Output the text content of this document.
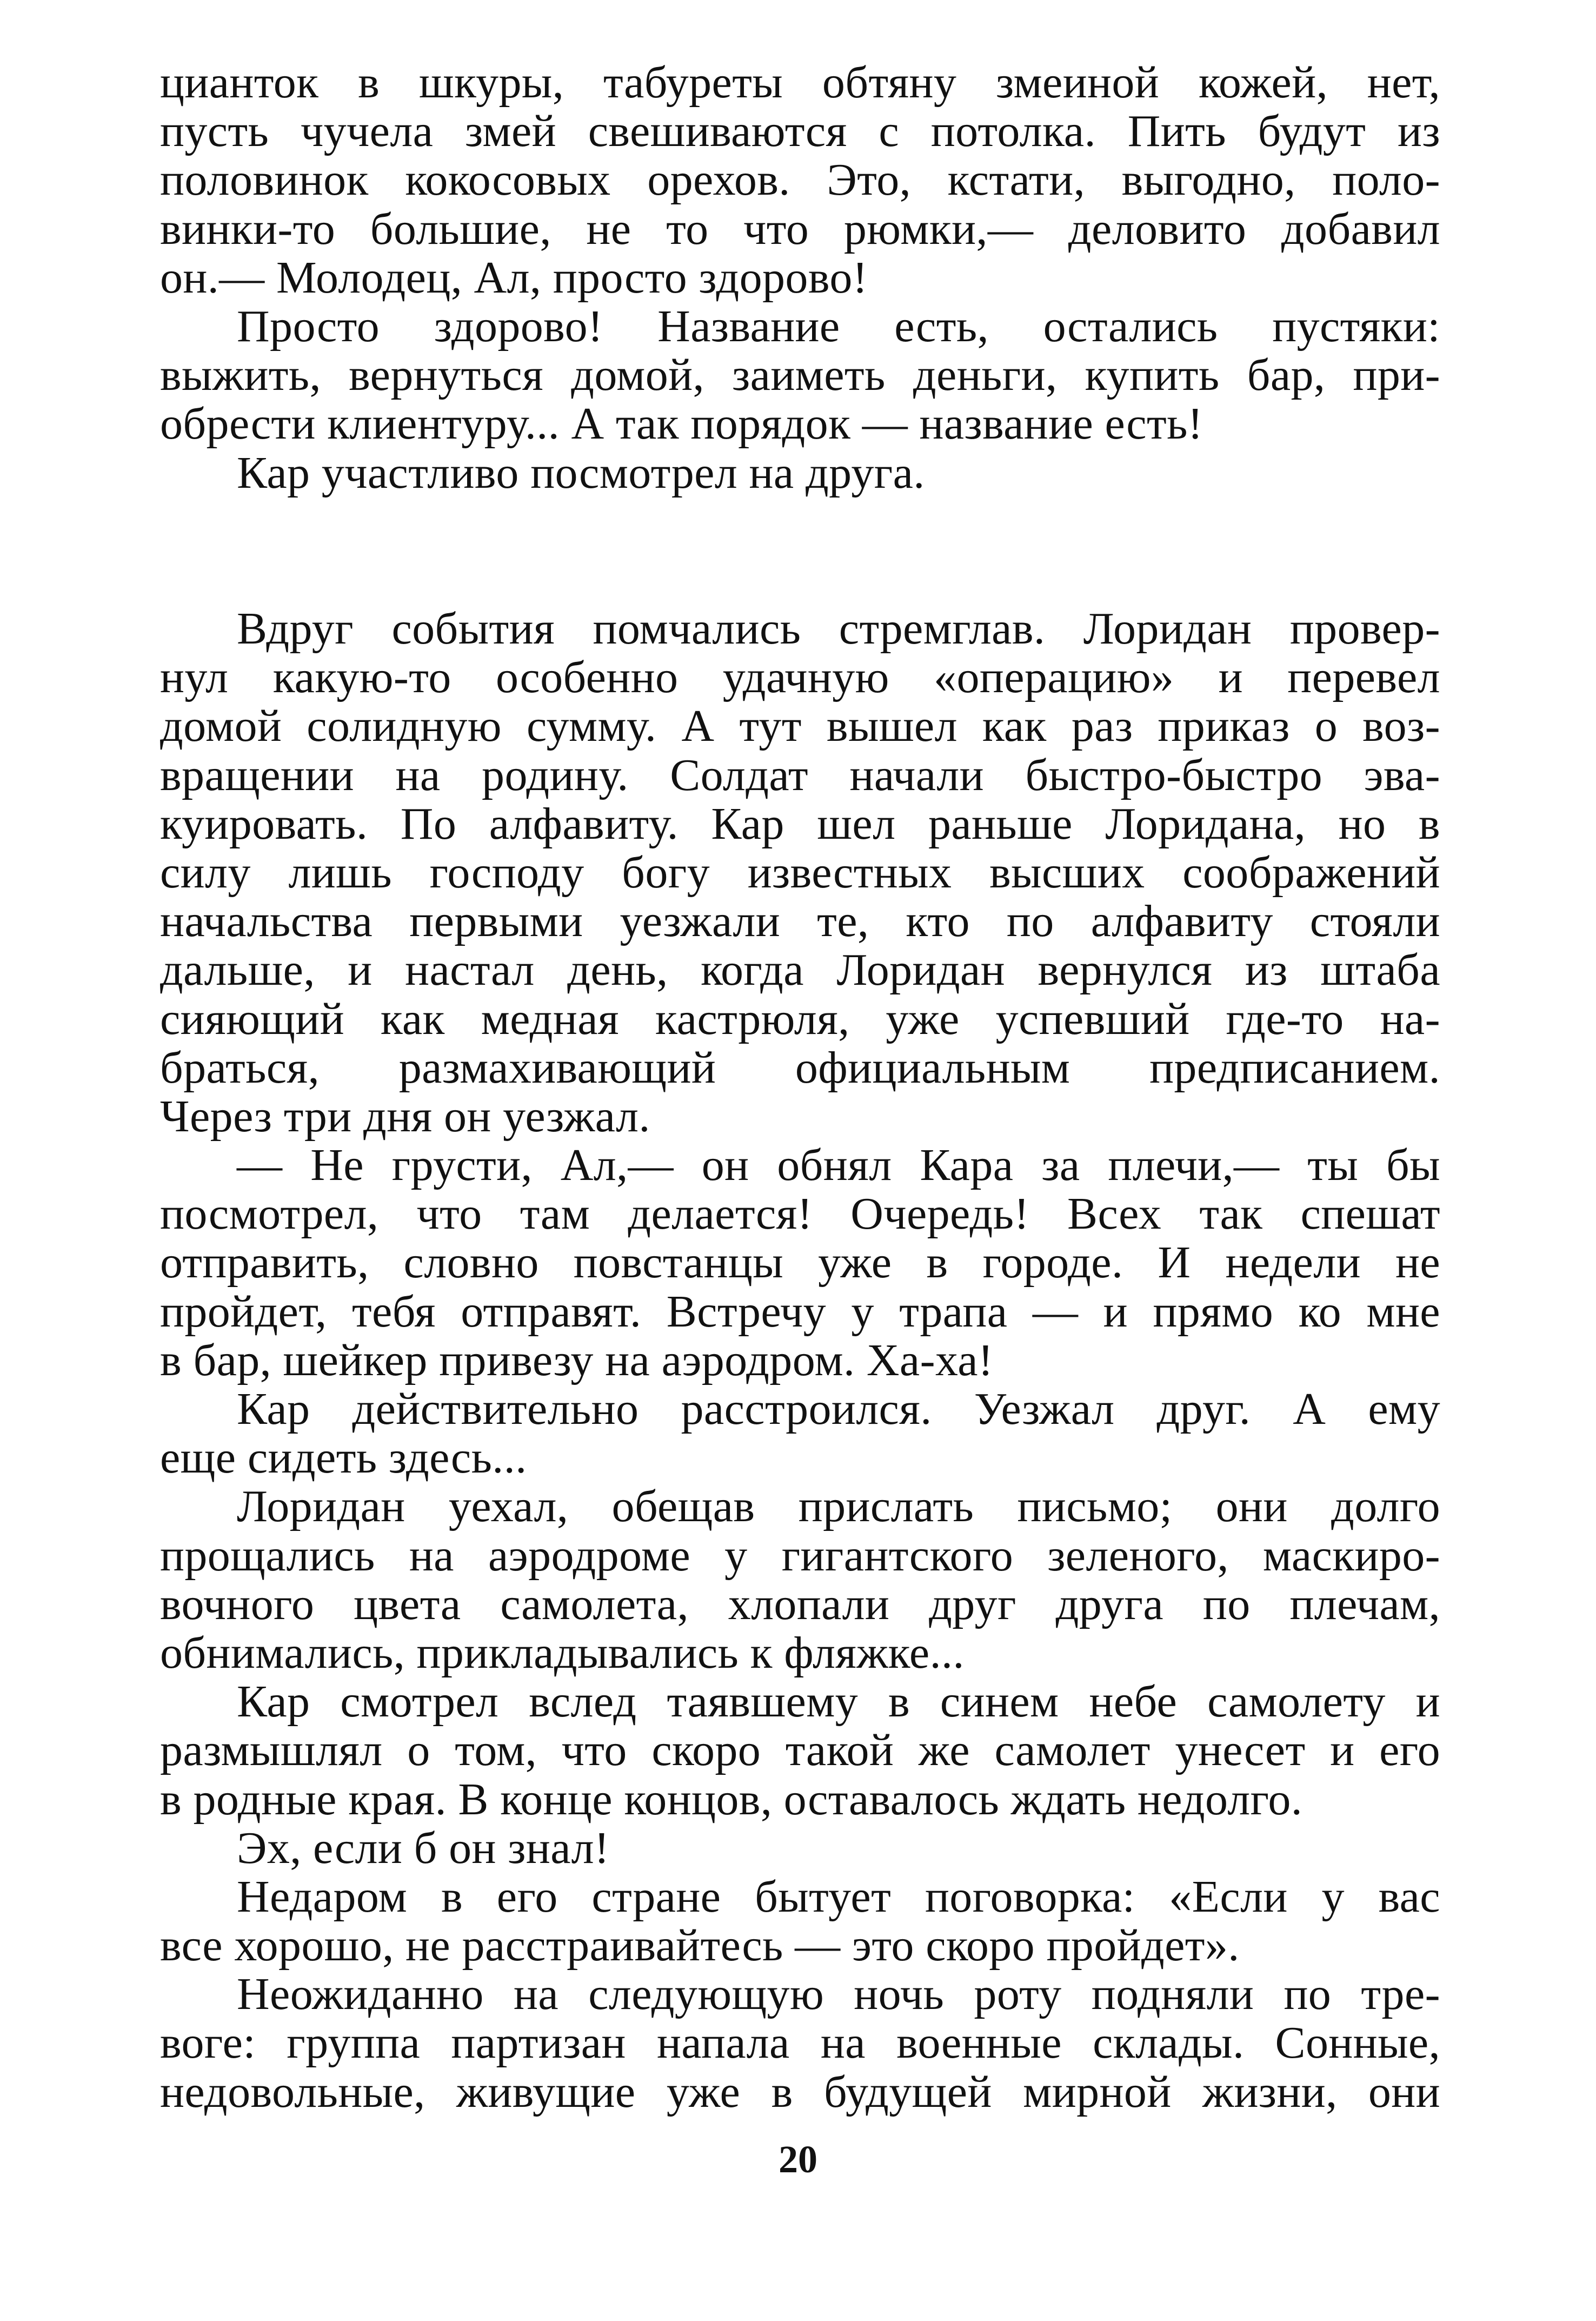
цианток в шкуры, табуреты обтяну змеиной кожей, нет,
пусть чучела змей свешиваются с потолка. Пить будут из
половинок кокосовых орехов. Это, кстати, выгодно, поло-
винки-то большие, не то что рюмки,— деловито добавил
он.— Молодец, Ал, просто здорово!
Просто здорово! Название есть, остались пустяки:
выжить, вернуться домой, заиметь деньги, купить бар, при-
обрести клиентуру... А так порядок — название есть!
Кар участливо посмотрел на друга.
Вдруг события помчались стремглав. Лоридан провер-
нул какую-то особенно удачную «операцию» и перевел
домой солидную сумму. А тут вышел как раз приказ о воз-
вращении на родину. Солдат начали быстро-быстро эва-
куировать. По алфавиту. Кар шел раньше Лоридана, но в
силу лишь господу богу известных высших соображений
начальства первыми уезжали те, кто по алфавиту стояли
дальше, и настал день, когда Лоридан вернулся из штаба
сияющий как медная кастрюля, уже успевший где-то на-
браться, размахивающий официальным предписанием.
Через три дня он уезжал.
— Не грусти, Ал,— он обнял Кара за плечи,— ты бы
посмотрел, что там делается! Очередь! Всех так спешат
отправить, словно повстанцы уже в городе. И недели не
пройдет, тебя отправят. Встречу у трапа — и прямо ко мне
в бар, шейкер привезу на аэродром. Ха-ха!
Кар действительно расстроился. Уезжал друг. А ему
еще сидеть здесь...
Лоридан уехал, обещав прислать письмо; они долго
прощались на аэродроме у гигантского зеленого, маскиро-
вочного цвета самолета, хлопали друг друга по плечам,
обнимались, прикладывались к фляжке...
Кар смотрел вслед таявшему в синем небе самолету и
размышлял о том, что скоро такой же самолет унесет и его
в родные края. В конце концов, оставалось ждать недолго.
Эх, если б он знал!
Недаром в его стране бытует поговорка: «Если у вас
все хорошо, не расстраивайтесь — это скоро пройдет».
Неожиданно на следующую ночь роту подняли по тре-
воге: группа партизан напала на военные склады. Сонные,
недовольные, живущие уже в будущей мирной жизни, они
20
